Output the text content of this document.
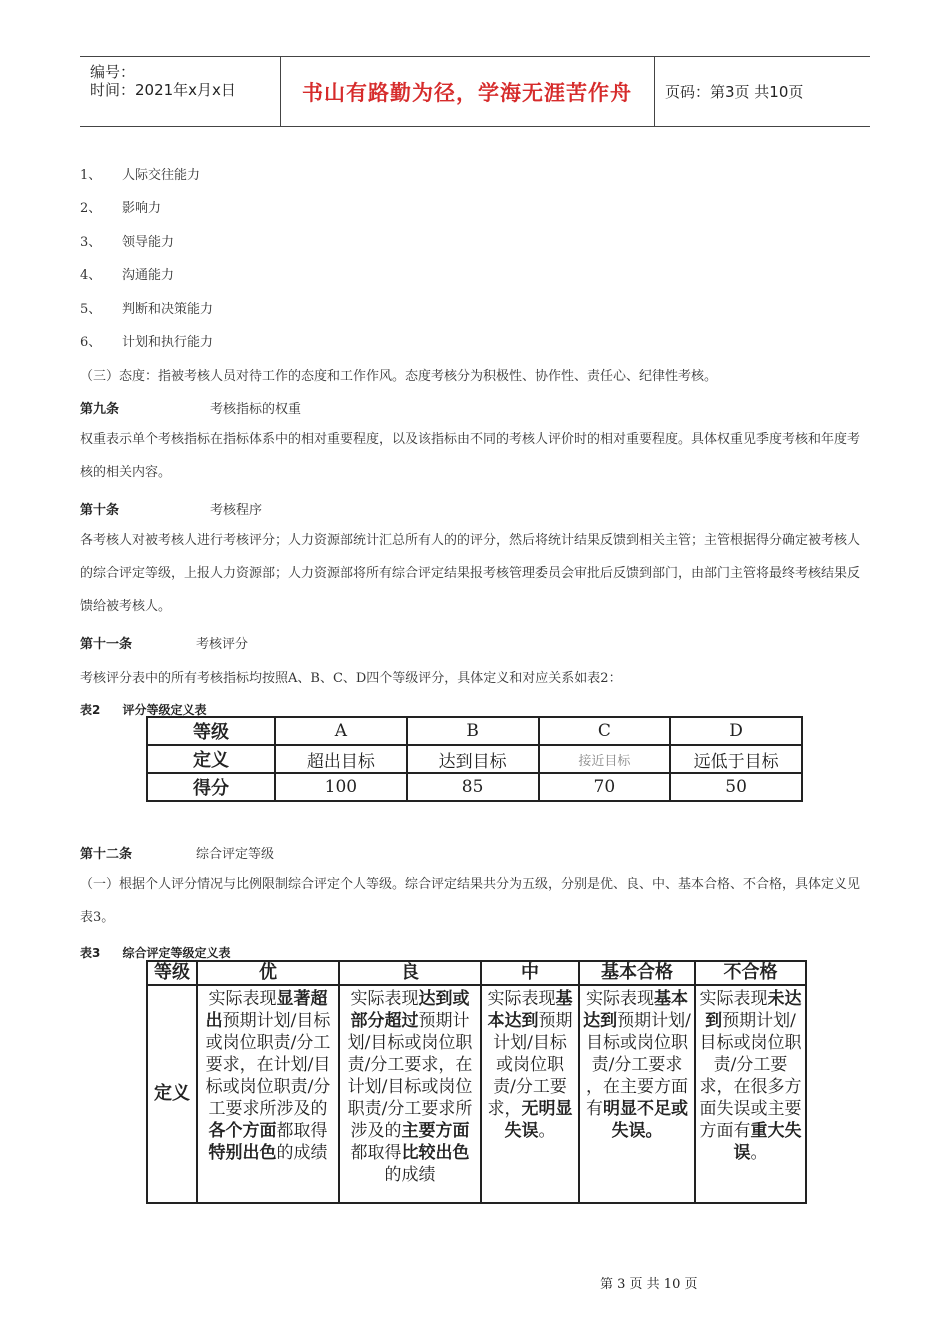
编号：
时间：2021年x月x日	书山有路勤为径，学海无涯苦作舟 页码：第3页 共10页
1、 人际交往能力
2、 影响力
3、 领导能力
4、 沟通能力
5、 判断和决策能力
6、 计划和执行能力
（三）态度：指被考核人员对待工作的态度和工作作风。态度考核分为积极性、协作性、责任心、纪律性考核。
第九条	考核指标的权重
权重表示单个考核指标在指标体系中的相对重要程度，以及该指标由不同的考核人评价时的相对重要程度。具体权重见季度考核和年度考核的相关内容。
第十条	考核程序
各考核人对被考核人进行考核评分；人力资源部统计汇总所有人的的评分，然后将统计结果反馈到相关主管；主管根据得分确定被考核人的综合评定等级，上报人力资源部；人力资源部将所有综合评定结果报考核管理委员会审批后反馈到部门，由部门主管将最终考核结果反馈给被考核人。
第十一条	考核评分
考核评分表中的所有考核指标均按照A、B、C、D四个等级评分，具体定义和对应关系如表2：
表2 评分等级定义表
等级	A	B	C	D
定义	超出目标	达到目标	接近目标	远低于目标
得分	100	85	70	50
第十二条	综合评定等级
（一）根据个人评分情况与比例限制综合评定个人等级。综合评定结果共分为五级，分别是优、良、中、基本合格、不合格，具体定义见表3。
表3 综合评定等级定义表
等级	优	良	中	基本合格	不合格
定义	实际表现显著超出预期计划/目标或岗位职责/分工要求，在计划/目标或岗位职责/分工要求所涉及的各个方面都取得特别出色的成绩	实际表现达到或部分超过预期计划/目标或岗位职责/分工要求，在计划/目标或岗位职责/分工要求所涉及的主要方面都取得比较出色的成绩	实际表现基本达到预期计划/目标或岗位职责/分工要求，无明显失误。	实际表现基本达到预期计划/目标或岗位职责/分工要求 ，在主要方面有明显不足或失误。	实际表现未达到预期计划/目标或岗位职责/分工要求，在很多方面失误或主要方面有重大失误。
第 3 页 共 10 页
